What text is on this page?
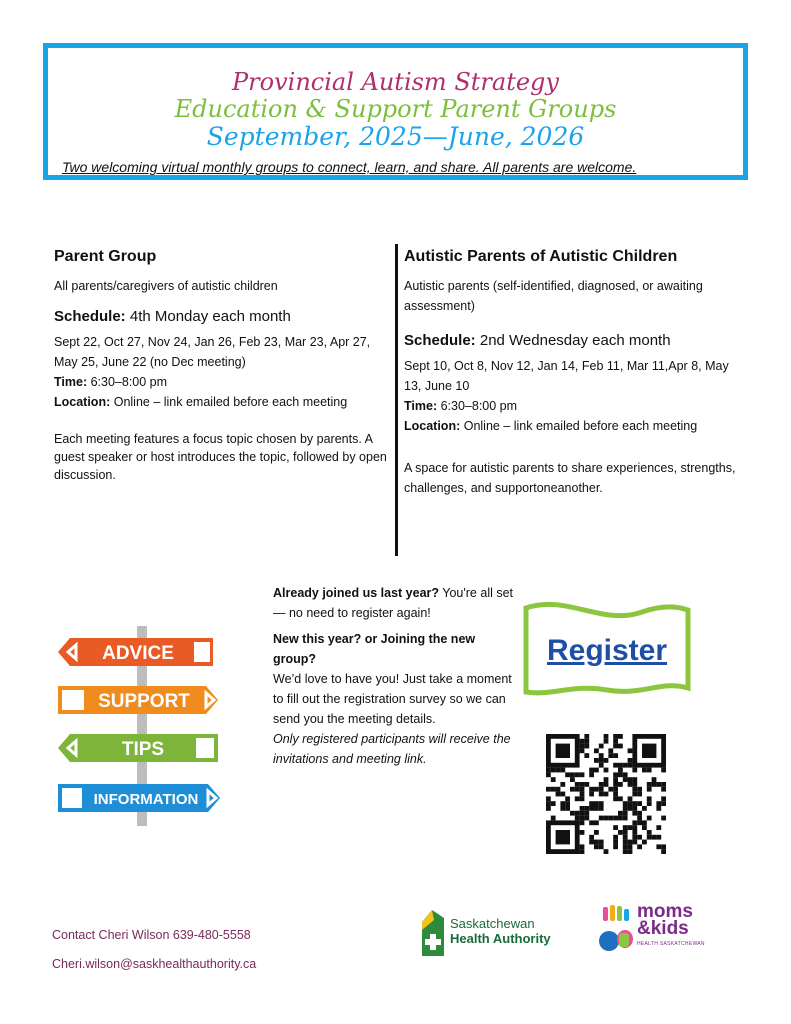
Provincial Autism Strategy
Education & Support Parent Groups
September, 2025—June, 2026
Two welcoming virtual monthly groups to connect, learn, and share. All parents are welcome.
Parent Group
All parents/caregivers of autistic children
Schedule: 4th Monday each month
Sept 22, Oct 27, Nov 24, Jan 26, Feb 23, Mar 23, Apr 27, May 25, June 22 (no Dec meeting)
Time: 6:30–8:00 pm
Location: Online – link emailed before each meeting
Each meeting features a focus topic chosen by parents. A guest speaker or host introduces the topic, followed by open discussion.
Autistic Parents of Autistic Children
Autistic parents (self-identified, diagnosed, or awaiting assessment)
Schedule: 2nd Wednesday each month
Sept 10, Oct 8, Nov 12, Jan 14, Feb 11, Mar 11,Apr 8, May 13, June 10
Time: 6:30–8:00 pm
Location: Online – link emailed before each meeting
A space for autistic parents to share experiences, strengths, challenges, and supportoneanother.
ADVICE
SUPPORT
TIPS
INFORMATION

Already joined us last year? You're all set — no need to register again!

New this year? or Joining the new group?
We’d love to have you! Just take a moment to fill out the registration survey so we can send you the meeting details.
Only registered participants will receive the invitations and meeting link.
Register
Contact Cheri Wilson 639-480-5558
Cheri.wilson@saskhealthauthority.ca
Saskatchewan
Health Authority
moms
&kids
HEALTH SASKATCHEWAN
